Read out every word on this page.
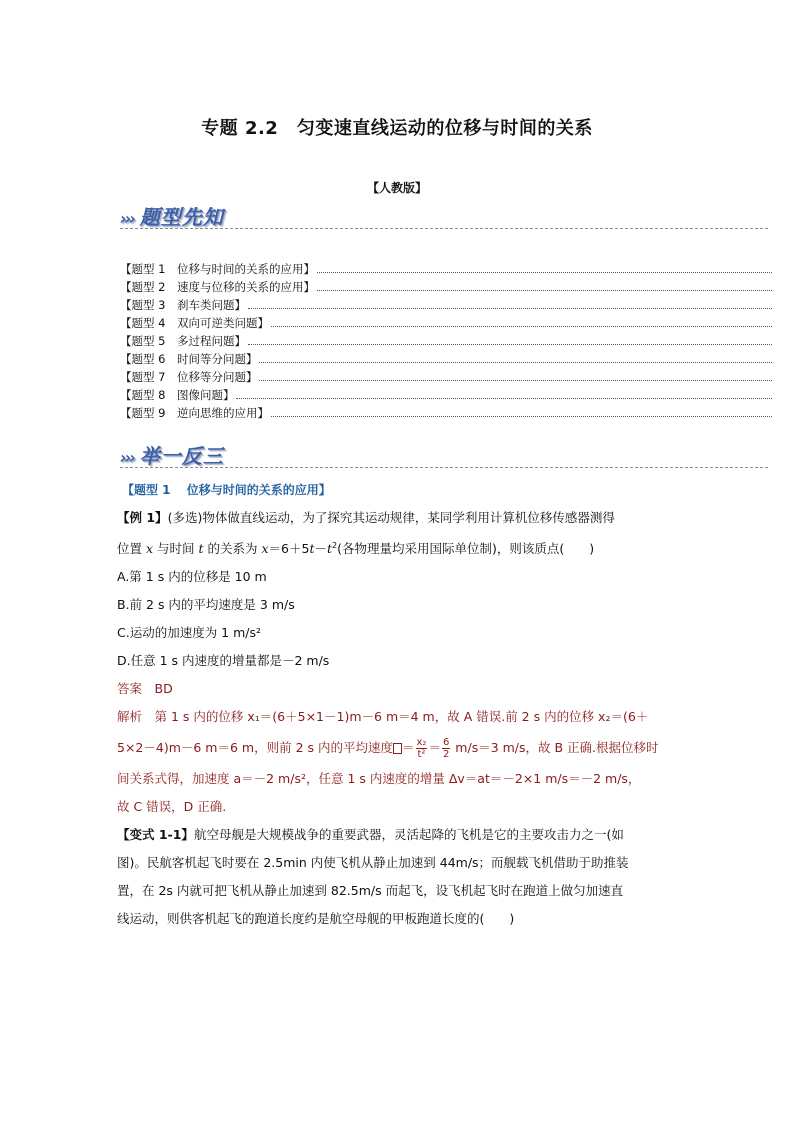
专题 2.2　匀变速直线运动的位移与时间的关系
【人教版】
››› 题型先知
【题型 1　位移与时间的关系的应用】
【题型 2　速度与位移的关系的应用】
【题型 3　刹车类问题】
【题型 4　双向可逆类问题】
【题型 5　多过程问题】
【题型 6　时间等分问题】
【题型 7　位移等分问题】
【题型 8　图像问题】
【题型 9　逆向思维的应用】
››› 举一反三
【题型 1　 位移与时间的关系的应用】

【例 1】(多选)物体做直线运动，为了探究其运动规律，某同学利用计算机位移传感器测得

位置 x 与时间 t 的关系为 $x=6+5t-t^2$(各物理量均采用国际单位制)，则该质点(　　)

A.第 1 s 内的位移是 10 m

B.前 2 s 内的平均速度是 3 m/s

C.运动的加速度为 1 m/s²

D.任意 1 s 内速度的增量都是－2 m/s

答案　 BD

解析　 第 1 s 内的位移 x₁＝(6＋5×1－1)m－6 m＝4 m，故 A 错误.前 2 s 内的位移 x₂＝(6＋

5×2－4)m－6 m＝6 m，则前 2 s 内的平均速度 ＝ $\frac{\text{x₂}}{\text{t²}} = \frac{6}{2} m/s=3$ m/s，故 B 正确.根据位移时

间关系式得，加速度 a＝－2 m/s²，任意 1 s 内速度的增量 Δv＝at＝－2×1 m/s＝－2 m/s，

故 C 错误，D 正确.

【变式 1-1】航空母舰是大规模战争的重要武器，灵活起降的飞机是它的主要攻击力之一(如

图)。民航客机起飞时要在 2.5min 内使飞机从静止加速到 44m/s；而舰载飞机借助于助推装

置，在 2s 内就可把飞机从静止加速到 82.5m/s 而起飞，设飞机起飞时在跑道上做匀加速直

线运动，则供客机起飞的跑道长度约是航空母舰的甲板跑道长度的(　　)
